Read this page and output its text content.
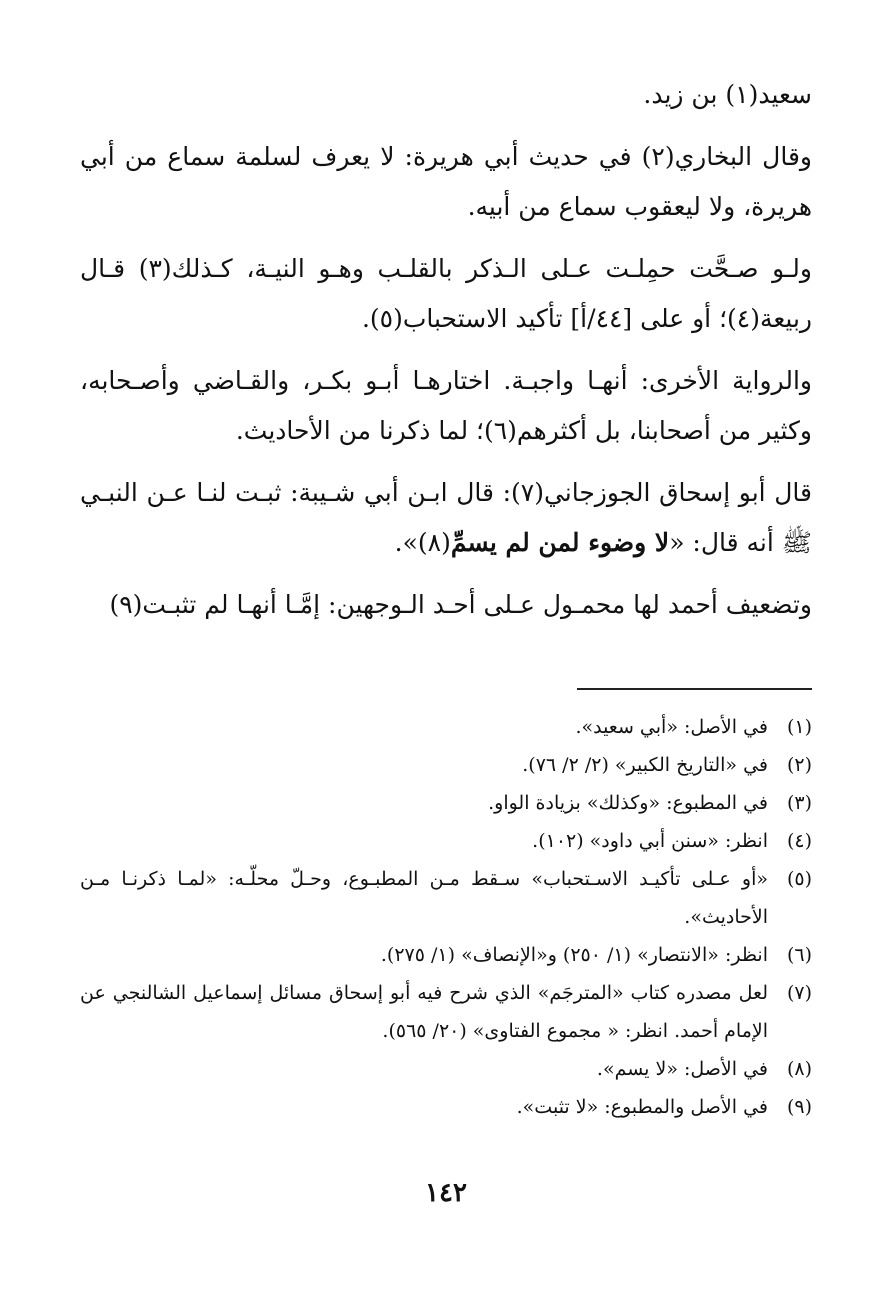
سعيد(١) بن زيد.

وقال البخاري(٢) في حديث أبي هريرة: لا يعرف لسلمة سماع من أبي هريرة، ولا ليعقوب سماع من أبيه.

ولـو صـحَّت حمِلـت عـلى الـذكر بالقلـب وهـو النيـة، كـذلك(٣) قـال ربيعة(٤)؛ أو على [٤٤/أ] تأكيد الاستحباب(٥).

والرواية الأخرى: أنهـا واجبـة. اختارهـا أبـو بكـر، والقـاضي وأصـحابه، وكثير من أصحابنا، بل أكثرهم(٦)؛ لما ذكرنا من الأحاديث.

قال أبو إسحاق الجوزجاني(٧): قال ابـن أبي شـيبة: ثبـت لنـا عـن النبـي ﷺ أنه قال: «لا وضوء لمن لم يسمِّ(٨)».

وتضعيف أحمد لها محمـول عـلى أحـد الـوجهين: إمَّـا أنهـا لم تثبـت(٩)

(١)
في الأصل: «أبي سعيد».
(٢)
في «التاريخ الكبير» (٢/ ٢/ ٧٦).
(٣)
في المطبوع: «وكذلك» بزيادة الواو.
(٤)
انظر: «سنن أبي داود» (١٠٢).
(٥)
«أو عـلى تأكيـد الاسـتحباب» سـقط مـن المطبـوع، وحـلّ محلّـه: «لمـا ذكرنـا مـن الأحاديث».
(٦)
انظر: «الانتصار» (١/ ٢٥٠) و«الإنصاف» (١/ ٢٧٥).
(٧)
لعل مصدره كتاب «المترجَم» الذي شرح فيه أبو إسحاق مسائل إسماعيل الشالنجي عن الإمام أحمد. انظر: « مجموع الفتاوى» (٢٠/ ٥٦٥).
(٨)
في الأصل: «لا يسم».
(٩)
في الأصل والمطبوع: «لا تثبت».
١٤٢
